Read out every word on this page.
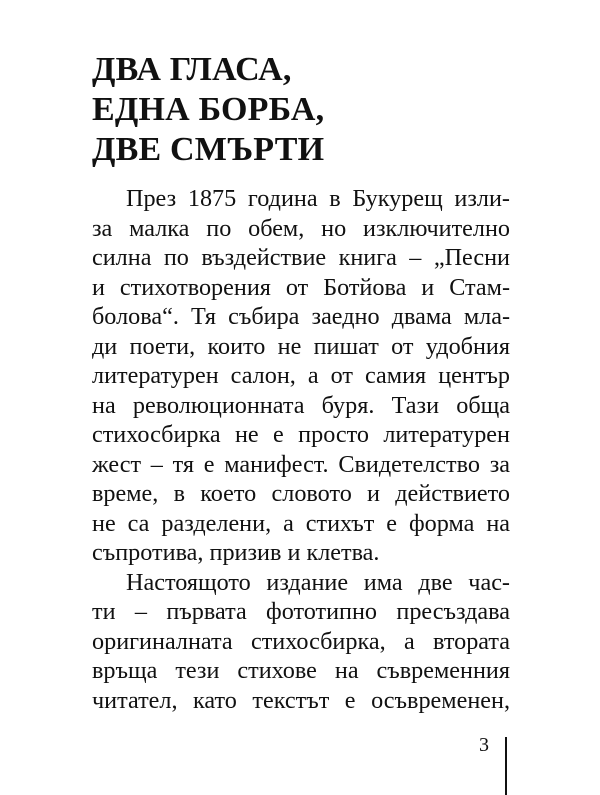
ДВА ГЛАСА,
ЕДНА БОРБА,
ДВЕ СМЪРТИ
През 1875 година в Букурещ изли-
за малка по обем, но изключително
силна по въздействие книга – „Песни
и стихотворения от Ботйова и Стам-
болова“. Тя събира заедно двама мла-
ди поети, които не пишат от удобния
литературен салон, а от самия център
на революционната буря. Тази обща
стихосбирка не е просто литературен
жест – тя е манифест. Свидетелство за
време, в което словото и действието
не са разделени, а стихът е форма на
съпротива, призив и клетва.
Настоящото издание има две час-
ти – първата фототипно пресъздава
оригиналната стихосбирка, а втората
връща тези стихове на съвременния
читател, като текстът е осъвременен,
3
